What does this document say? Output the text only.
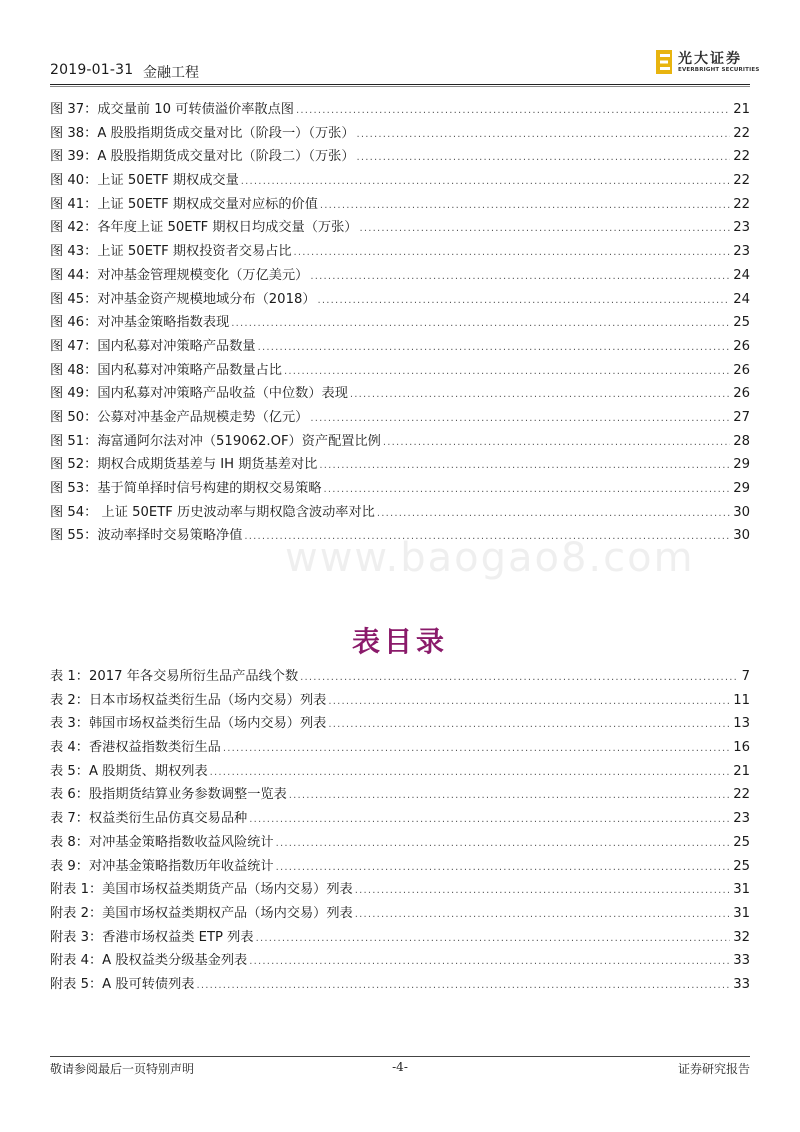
2019-01-31 金融工程
光大证券
EVERBRIGHT SECURITIES
图 37：成交量前 10 可转债溢价率散点图 .....	21
图 38：A 股股指期货成交量对比（阶段一）（万张） .....	22
图 39：A 股股指期货成交量对比（阶段二）（万张） .....	22
图 40：上证 50ETF 期权成交量 .....	22
图 41：上证 50ETF 期权成交量对应标的价值 .....	22
图 42：各年度上证 50ETF 期权日均成交量（万张） .....	23
图 43：上证 50ETF 期权投资者交易占比 .....	23
图 44：对冲基金管理规模变化（万亿美元） .....	24
图 45：对冲基金资产规模地域分布（2018） .....	24
图 46：对冲基金策略指数表现 .....	25
图 47：国内私募对冲策略产品数量 .....	26
图 48：国内私募对冲策略产品数量占比 .....	26
图 49：国内私募对冲策略产品收益（中位数）表现 .....	26
图 50：公募对冲基金产品规模走势（亿元） .....	27
图 51：海富通阿尔法对冲（519062.OF）资产配置比例 .....	28
图 52：期权合成期货基差与 IH 期货基差对比 .....	29
图 53：基于简单择时信号构建的期权交易策略 .....	29
图 54： 上证 50ETF 历史波动率与期权隐含波动率对比 .....	30
图 55：波动率择时交易策略净值 .....	30
www.baogao8.com
表目录
表 1：2017 年各交易所衍生品产品线个数 .....	7
表 2：日本市场权益类衍生品（场内交易）列表 .....	11
表 3：韩国市场权益类衍生品（场内交易）列表 .....	13
表 4：香港权益指数类衍生品 .....	16
表 5：A 股期货、期权列表 .....	21
表 6：股指期货结算业务参数调整一览表 .....	22
表 7：权益类衍生品仿真交易品种 .....	23
表 8：对冲基金策略指数收益风险统计 .....	25
表 9：对冲基金策略指数历年收益统计 .....	25
附表 1：美国市场权益类期货产品（场内交易）列表 .....	31
附表 2：美国市场权益类期权产品（场内交易）列表 .....	31
附表 3：香港市场权益类 ETP 列表 .....	32
附表 4：A 股权益类分级基金列表 .....	33
附表 5：A 股可转债列表 .....	33
敬请参阅最后一页特别声明	-4-	证券研究报告
